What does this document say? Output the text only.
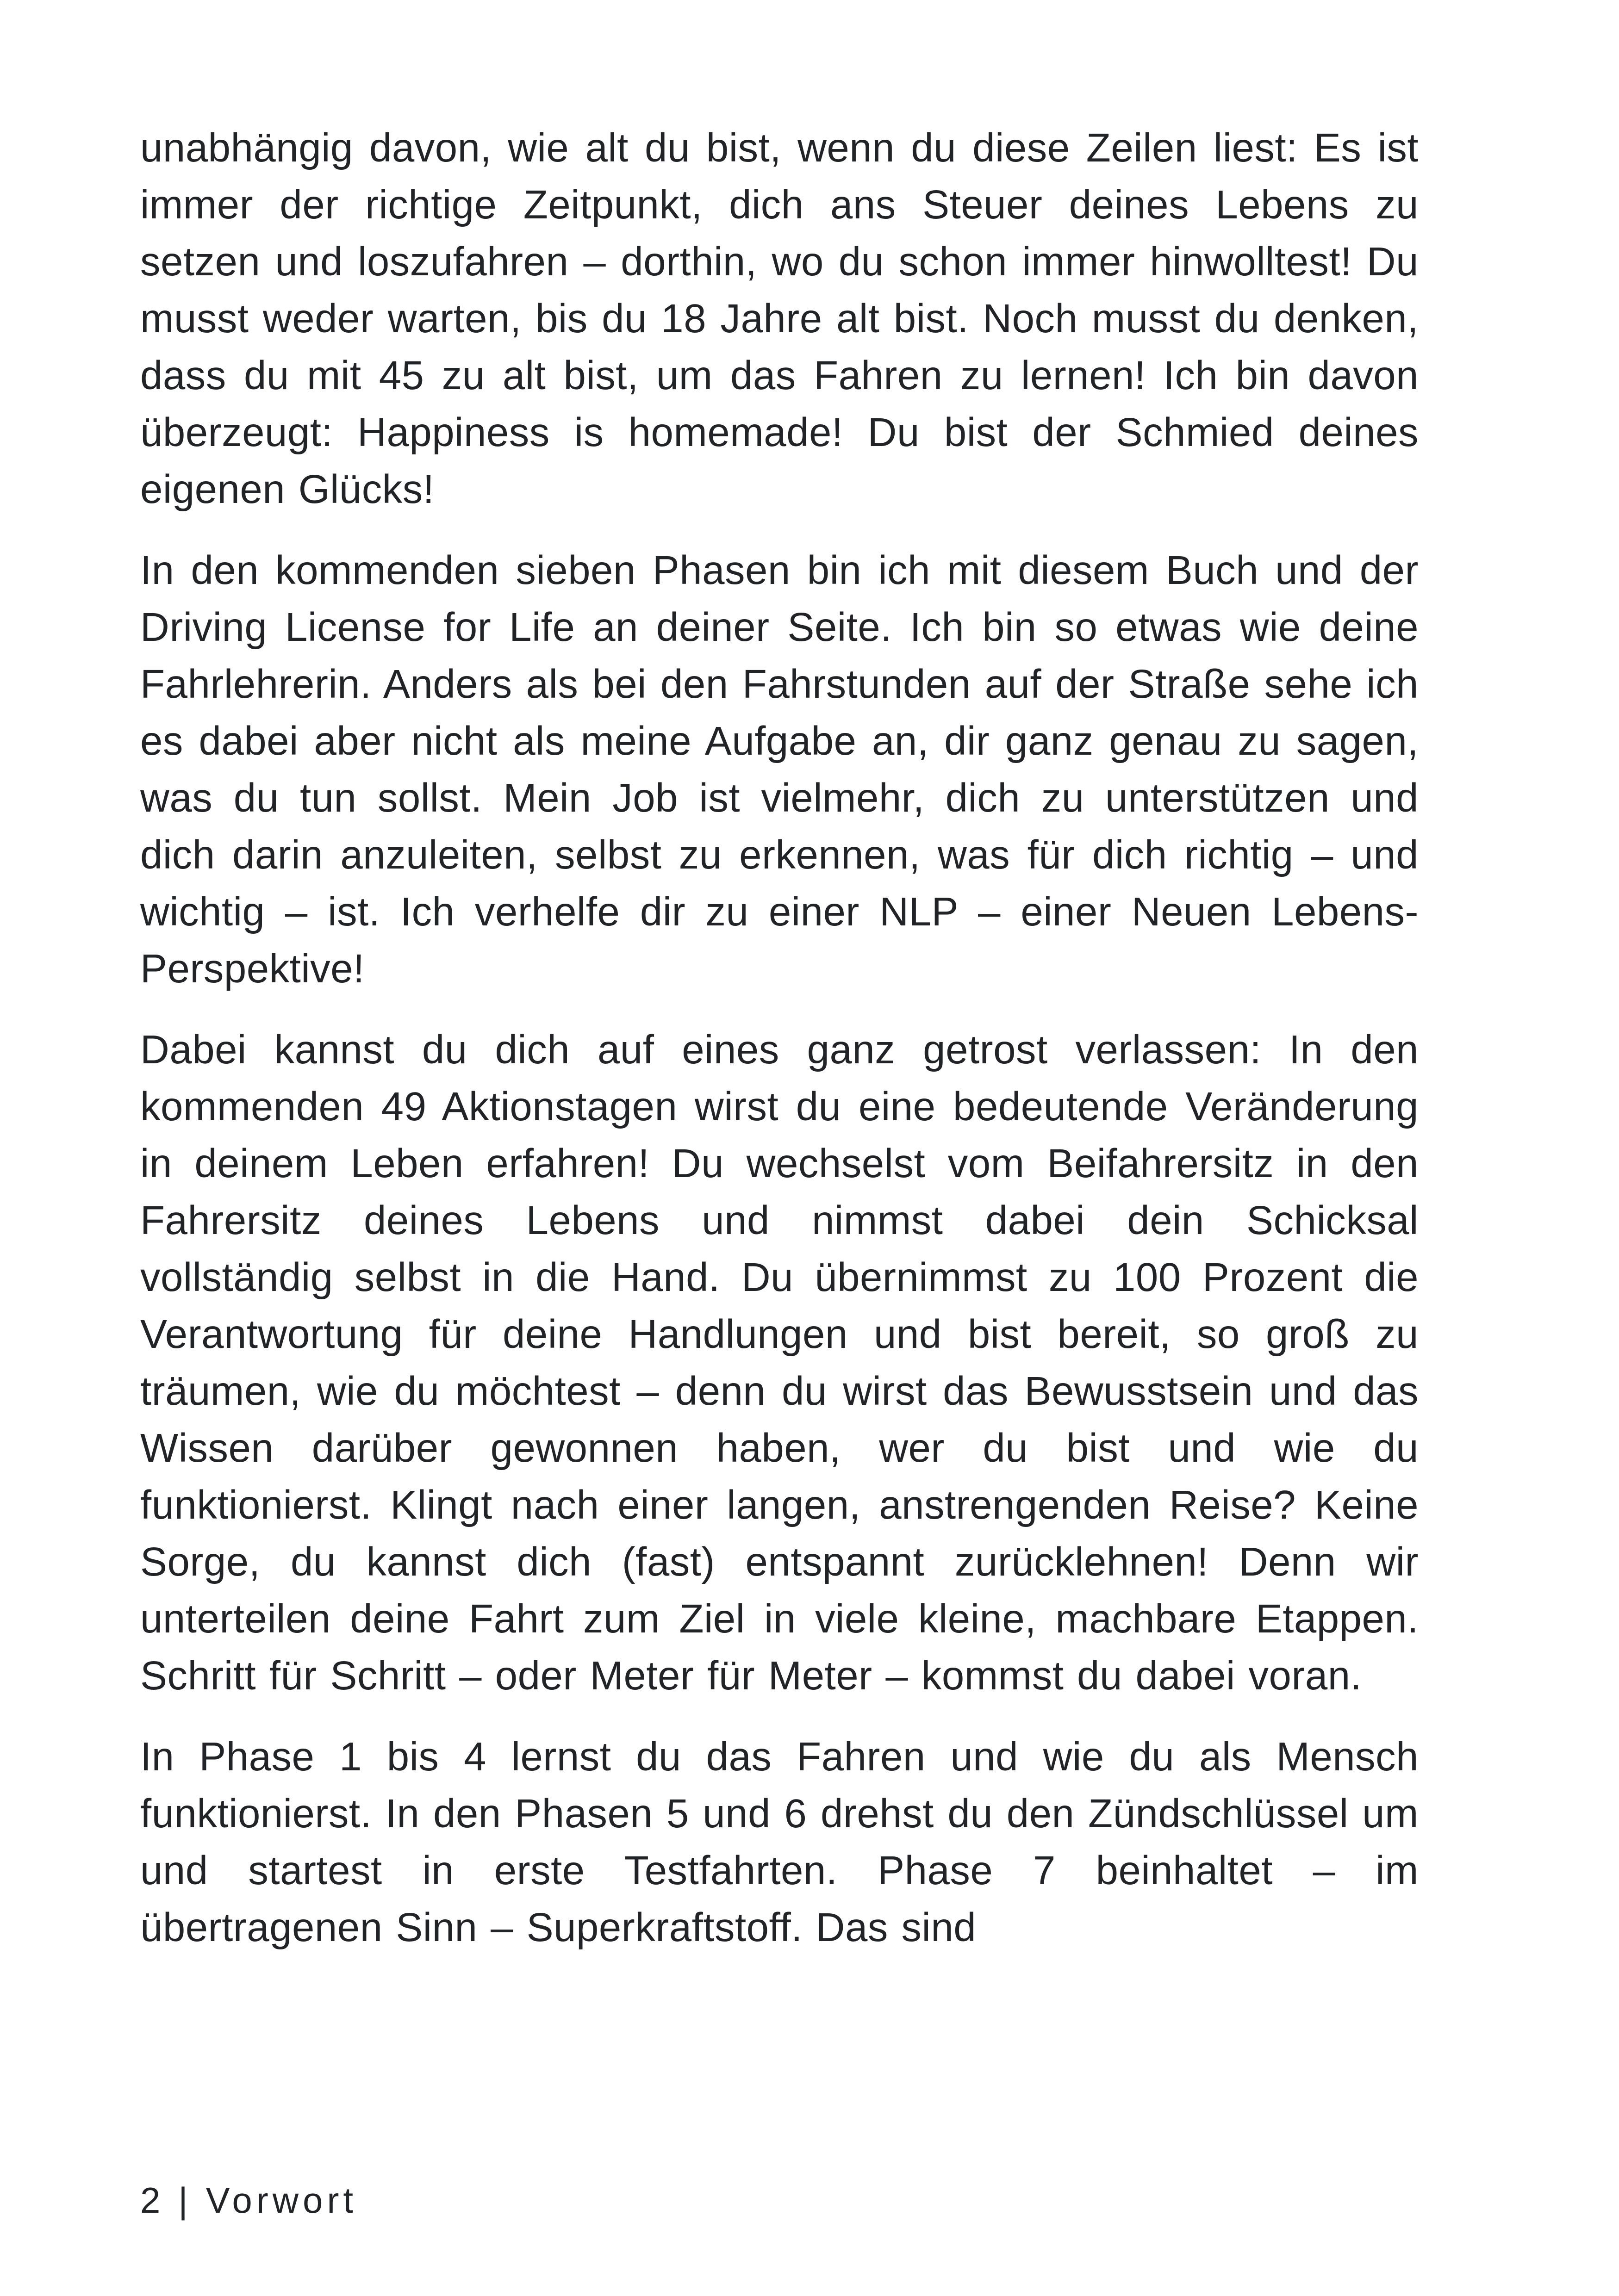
unabhängig davon, wie alt du bist, wenn du diese Zeilen liest: Es ist immer der richtige Zeitpunkt, dich ans Steuer deines Lebens zu setzen und loszufahren – dorthin, wo du schon immer hinwolltest! Du musst weder warten, bis du 18 Jahre alt bist. Noch musst du denken, dass du mit 45 zu alt bist, um das Fahren zu lernen! Ich bin davon überzeugt: Happiness is homemade! Du bist der Schmied deines eigenen Glücks!

In den kommenden sieben Phasen bin ich mit diesem Buch und der Driving License for Life an deiner Seite. Ich bin so etwas wie deine Fahrlehrerin. Anders als bei den Fahrstunden auf der Straße sehe ich es dabei aber nicht als meine Aufgabe an, dir ganz genau zu sagen, was du tun sollst. Mein Job ist vielmehr, dich zu unterstützen und dich darin anzuleiten, selbst zu erkennen, was für dich richtig – und wichtig – ist. Ich verhelfe dir zu einer NLP – einer Neuen Lebens-Perspektive!

Dabei kannst du dich auf eines ganz getrost verlassen: In den kommenden 49 Aktionstagen wirst du eine bedeutende Veränderung in deinem Leben erfahren! Du wechselst vom Beifahrersitz in den Fahrersitz deines Lebens und nimmst dabei dein Schicksal vollständig selbst in die Hand. Du übernimmst zu 100 Prozent die Verantwortung für deine Handlungen und bist bereit, so groß zu träumen, wie du möchtest – denn du wirst das Bewusstsein und das Wissen darüber gewonnen haben, wer du bist und wie du funktionierst. Klingt nach einer langen, anstrengenden Reise? Keine Sorge, du kannst dich (fast) entspannt zurücklehnen! Denn wir unterteilen deine Fahrt zum Ziel in viele kleine, machbare Etappen. Schritt für Schritt – oder Meter für Meter – kommst du dabei voran.

In Phase 1 bis 4 lernst du das Fahren und wie du als Mensch funktionierst. In den Phasen 5 und 6 drehst du den Zündschlüssel um und startest in erste Testfahrten. Phase 7 beinhaltet – im übertragenen Sinn – Superkraftstoff. Das sind

2 | Vorwort
